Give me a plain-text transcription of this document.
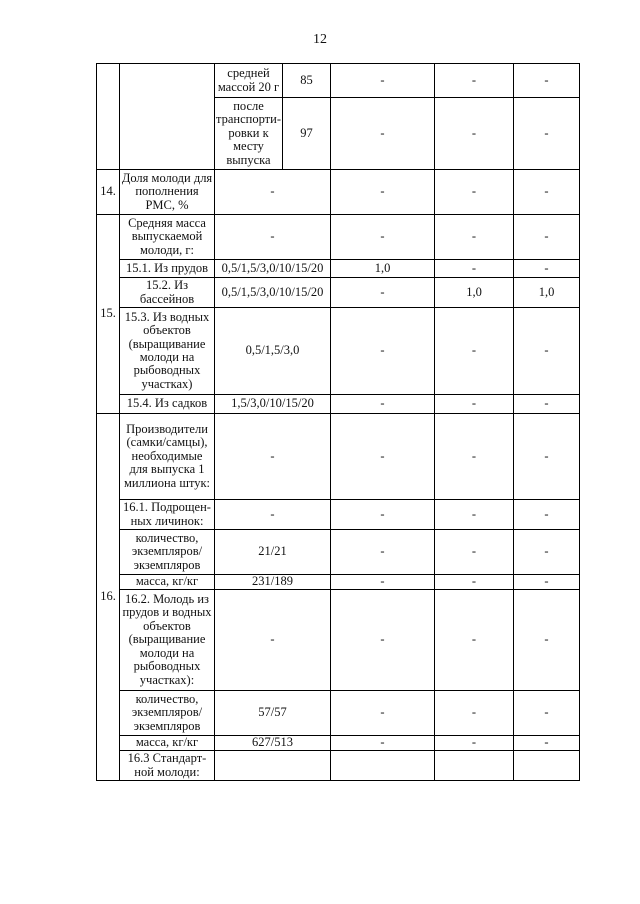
12
		средней массой 20 г	85	-	-	-
		после транспорти-ровки к месту выпуска	97	-	-	-
14.	Доля молоди для пополнения РМС, %	-		-	-	-
15.	Средняя масса выпускаемой молоди, г:	-		-	-	-
	15.1. Из прудов	0,5/1,5/3,0/10/15/20		1,0	-	-
	15.2. Из бассейнов	0,5/1,5/3,0/10/15/20		-	1,0	1,0
	15.3. Из водных объектов (выращивание молоди на рыбоводных участках)	0,5/1,5/3,0		-	-	-
	15.4. Из садков	1,5/3,0/10/15/20		-	-	-
16.	Производители (самки/самцы), необходимые для выпуска 1 миллиона штук:	-		-	-	-
	16.1. Подрощен-ных личинок:	-		-	-	-
	количество, экземпляров/ экземпляров	21/21		-	-	-
	масса, кг/кг	231/189		-	-	-
	16.2. Молодь из прудов и водных объектов (выращивание молоди на рыбоводных участках):	-		-	-	-
	количество, экземпляров/ экземпляров	57/57		-	-	-
	масса, кг/кг	627/513		-	-	-
	16.3 Стандарт-ной молоди:					
